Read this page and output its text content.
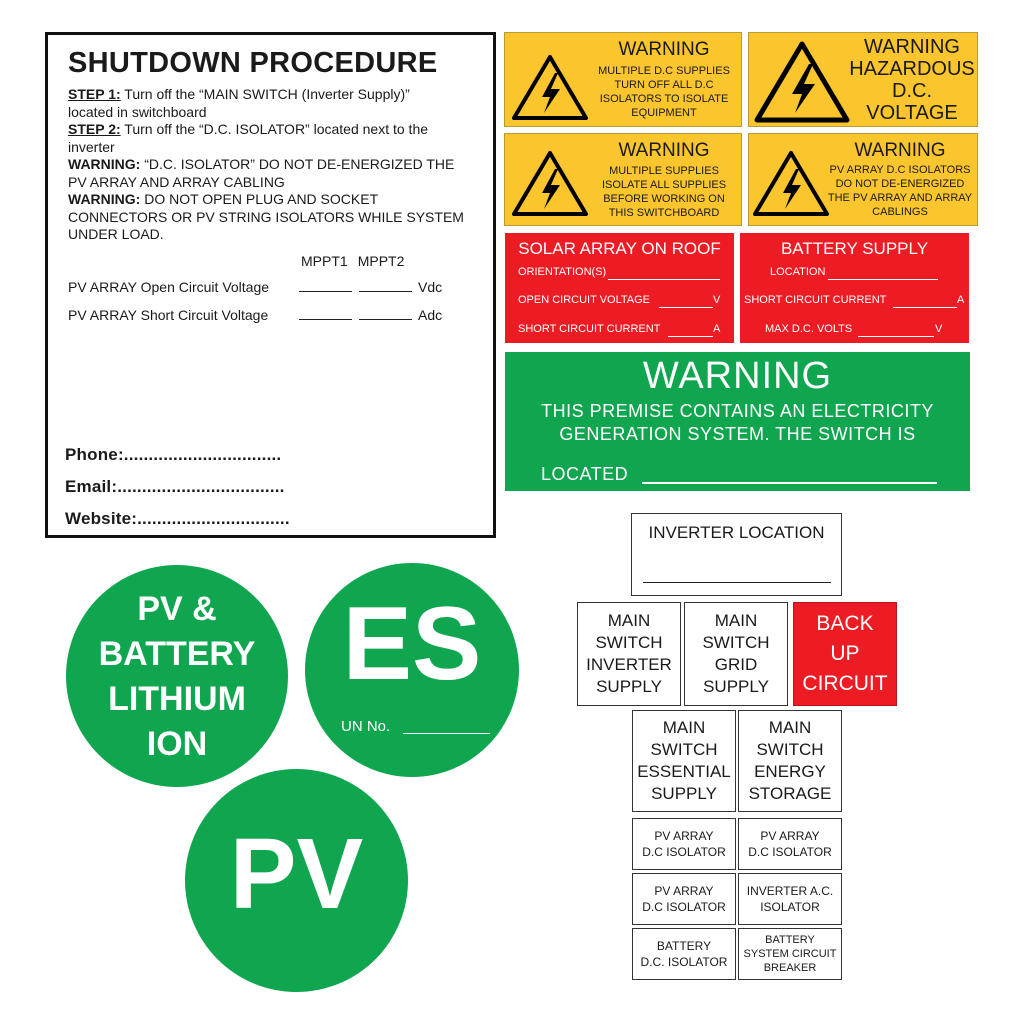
SHUTDOWN PROCEDURE

STEP 1: Turn off the “MAIN SWITCH (Inverter Supply)”

located in switchboard

STEP 2: Turn off the “D.C. ISOLATOR” located next to the

inverter

WARNING: “D.C. ISOLATOR” DO NOT DE-ENERGIZED THE

PV ARRAY AND ARRAY CABLING

WARNING: DO NOT OPEN PLUG AND SOCKET

CONNECTORS OR PV STRING ISOLATORS WHILE SYSTEM

UNDER LOAD.

MPPT1 MPPT2
PV ARRAY Open Circuit Voltage	Vdc
PV ARRAY Short Circuit Voltage	Adc
Phone:................................
Email:..................................
Website:...............................
WARNING
MULTIPLE D.C SUPPLIES
TURN OFF ALL D.C
ISOLATORS TO ISOLATE
EQUIPMENT
WARNING
HAZARDOUS
D.C.
VOLTAGE
WARNING
MULTIPLE SUPPLIES
ISOLATE ALL SUPPLIES
BEFORE WORKING ON
THIS SWITCHBOARD
WARNING
PV ARRAY D.C ISOLATORS
DO NOT DE-ENERGIZED
THE PV ARRAY AND ARRAY
CABLINGS
SOLAR ARRAY ON ROOF
ORIENTATION(S)
OPEN CIRCUIT VOLTAGE	V
SHORT CIRCUIT CURRENT	A
BATTERY SUPPLY
LOCATION
SHORT CIRCUIT CURRENT	A
MAX D.C. VOLTS	V
WARNING
THIS PREMISE CONTAINS AN ELECTRICITY
GENERATION SYSTEM. THE SWITCH IS
LOCATED
PV &
BATTERY
LITHIUM
ION
ES
UN No.
PV
INVERTER LOCATION
MAIN
SWITCH
INVERTER
SUPPLY
MAIN
SWITCH
GRID
SUPPLY
BACK
UP
CIRCUIT
MAIN
SWITCH
ESSENTIAL
SUPPLY
MAIN
SWITCH
ENERGY
STORAGE
PV ARRAY
D.C ISOLATOR
PV ARRAY
D.C ISOLATOR
PV ARRAY
D.C ISOLATOR
INVERTER A.C.
ISOLATOR
BATTERY
D.C. ISOLATOR
BATTERY
SYSTEM CIRCUIT
BREAKER
